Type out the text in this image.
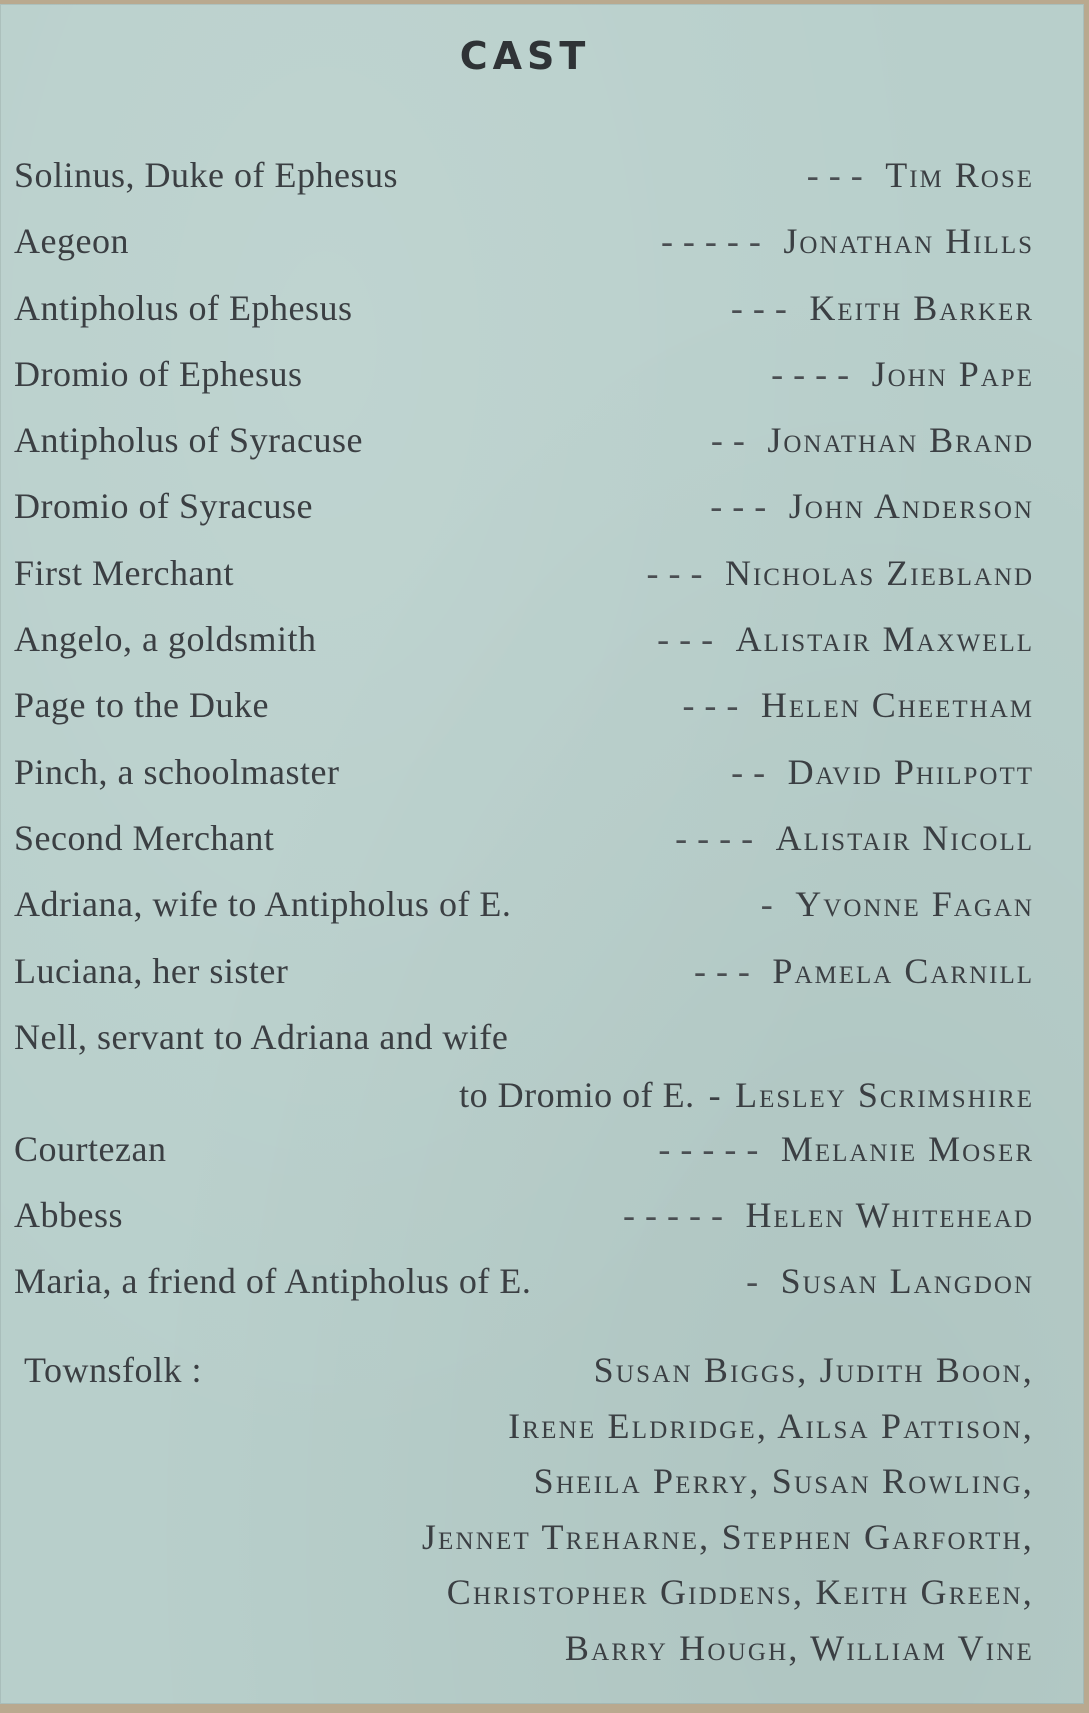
CAST
Solinus, Duke of Ephesus	- - - Tim Rose
Aegeon	- - - - - Jonathan Hills
Antipholus of Ephesus	- - - Keith Barker
Dromio of Ephesus	- - - - John Pape
Antipholus of Syracuse	- - Jonathan Brand
Dromio of Syracuse	- - - John Anderson
First Merchant	- - - Nicholas Ziebland
Angelo, a goldsmith	- - - Alistair Maxwell
Page to the Duke	- - - Helen Cheetham
Pinch, a schoolmaster	- - David Philpott
Second Merchant	- - - - Alistair Nicoll
Adriana, wife to Antipholus of E.	- Yvonne Fagan
Luciana, her sister	- - - Pamela Carnill
Nell, servant to Adriana and wife
to Dromio of E. - Lesley Scrimshire
Courtezan	- - - - - Melanie Moser
Abbess	- - - - - Helen Whitehead
Maria, a friend of Antipholus of E.	- Susan Langdon
Townsfolk :	Susan Biggs, Judith Boon,
Irene Eldridge, Ailsa Pattison,
Sheila Perry, Susan Rowling,
Jennet Treharne, Stephen Garforth,
Christopher Giddens, Keith Green,
Barry Hough, William Vine
